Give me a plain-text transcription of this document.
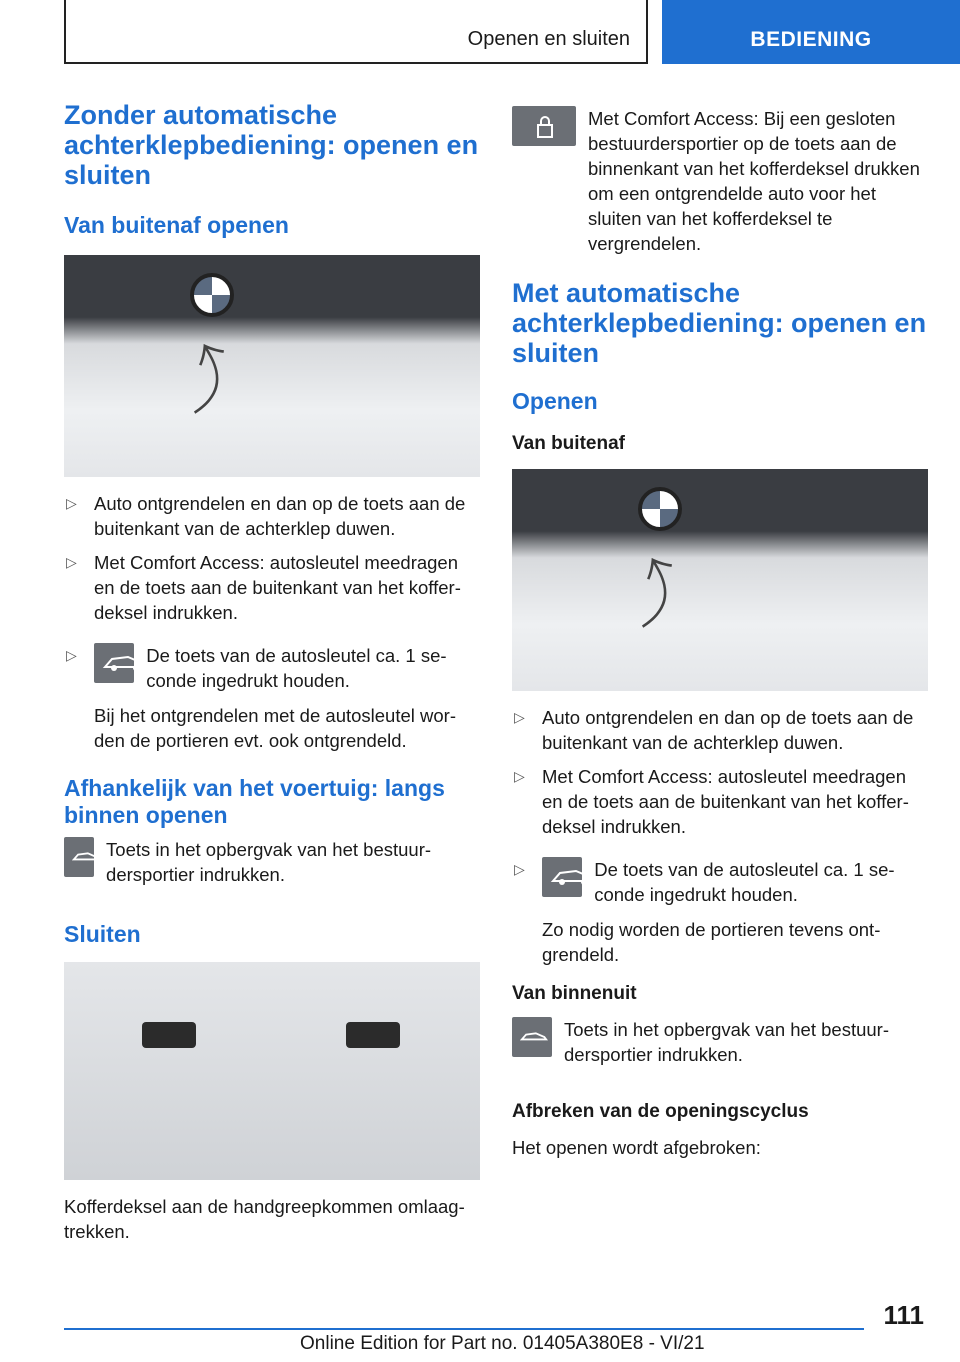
Openen en sluiten	BEDIENING
Zonder automatische achterklepbediening: openen en sluiten
Van buitenaf openen
⤴
▷ Auto ontgrendelen en dan op de toets aan de buitenkant van de achterklep duwen.
▷ Met Comfort Access: autosleutel meedragen en de toets aan de buitenkant van het kofferdeksel indrukken.
▷	De toets van de autosleutel ca. 1 seconde ingedrukt houden.
Bij het ontgrendelen met de autosleutel worden de portieren evt. ook ontgrendeld.
Afhankelijk van het voertuig: langs binnen openen

Toets in het opbergvak van het bestuurdersportier indrukken.

Sluiten

Kofferdeksel aan de handgreepkommen omlaagtrekken.

Met Comfort Access: Bij een gesloten bestuurdersportier op de toets aan de binnenkant van het kofferdeksel drukken om een ontgrendelde auto voor het sluiten van het kofferdeksel te vergrendelen.
Met automatische achterklepbediening: openen en sluiten
Openen
Van buitenaf
⤴
▷ Auto ontgrendelen en dan op de toets aan de buitenkant van de achterklep duwen.
▷ Met Comfort Access: autosleutel meedragen en de toets aan de buitenkant van het kofferdeksel indrukken.
▷	De toets van de autosleutel ca. 1 seconde ingedrukt houden.
Zo nodig worden de portieren tevens ontgrendeld.
Van binnenuit

Toets in het opbergvak van het bestuurdersportier indrukken.

Afbreken van de openingscyclus

Het openen wordt afgebroken:

111
Online Edition for Part no. 01405A380E8 - VI/21
